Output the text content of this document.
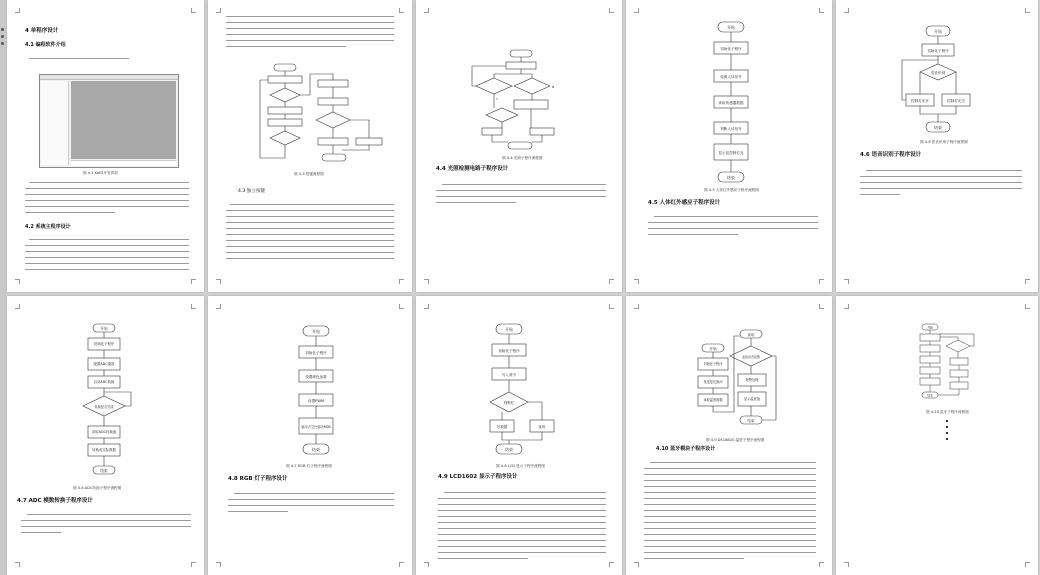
4 单程序设计
4.1 编程软件介绍
图 4-1 Keil5开发界面
4.2 系统主程序设计
图 4-3 按键流程图
4.3 独立按键
Y
N
图 4-4 光照子程序流程图
4.4 光照检测电路子程序设计
开始
初始化子程序
检测人体信号
读取传感器数据
判断人体信号
显示及控制灯光
结束
图 4-5 人体红外感应子程序流程图
4.5 人体红外感应子程序设计
开始
初始化子程序
语音识别
控制灯光开	控制灯光关
结束
图 4-6 语音识别子程序流程图
4.6 语音识别子程序设计
开始
初始化子程序
配置ADC通道
启动ADC转换
转换是否完成
读取ADC转换值
转换成实际数据
结束
图 4-6 ADC转换子程序流程图
4.7 ADC 模数转换子程序设计
开始
初始化子程序
设置颜色参数
设置PWM
输出占空比驱动RGB
结束
图 4-7 RGB 灯子程序流程图
4.8 RGB 灯子程序设计
开始
初始化子程序
写入命令
判断忙
写数据	延时
结束
图 4-8 LCD 显示子程序流程图
4.9 LCD1602 显示子程序设计
读取
开始
初始化子程序
发送复位脉冲
读取温度数据
温度是否报警
报警处理
显示温度值
结束
图 4-9 DS18B20 温度子程序流程图
4.10 蓝牙模块子程序设计
开始
结束
图 4-10 蓝牙子程序流程图
